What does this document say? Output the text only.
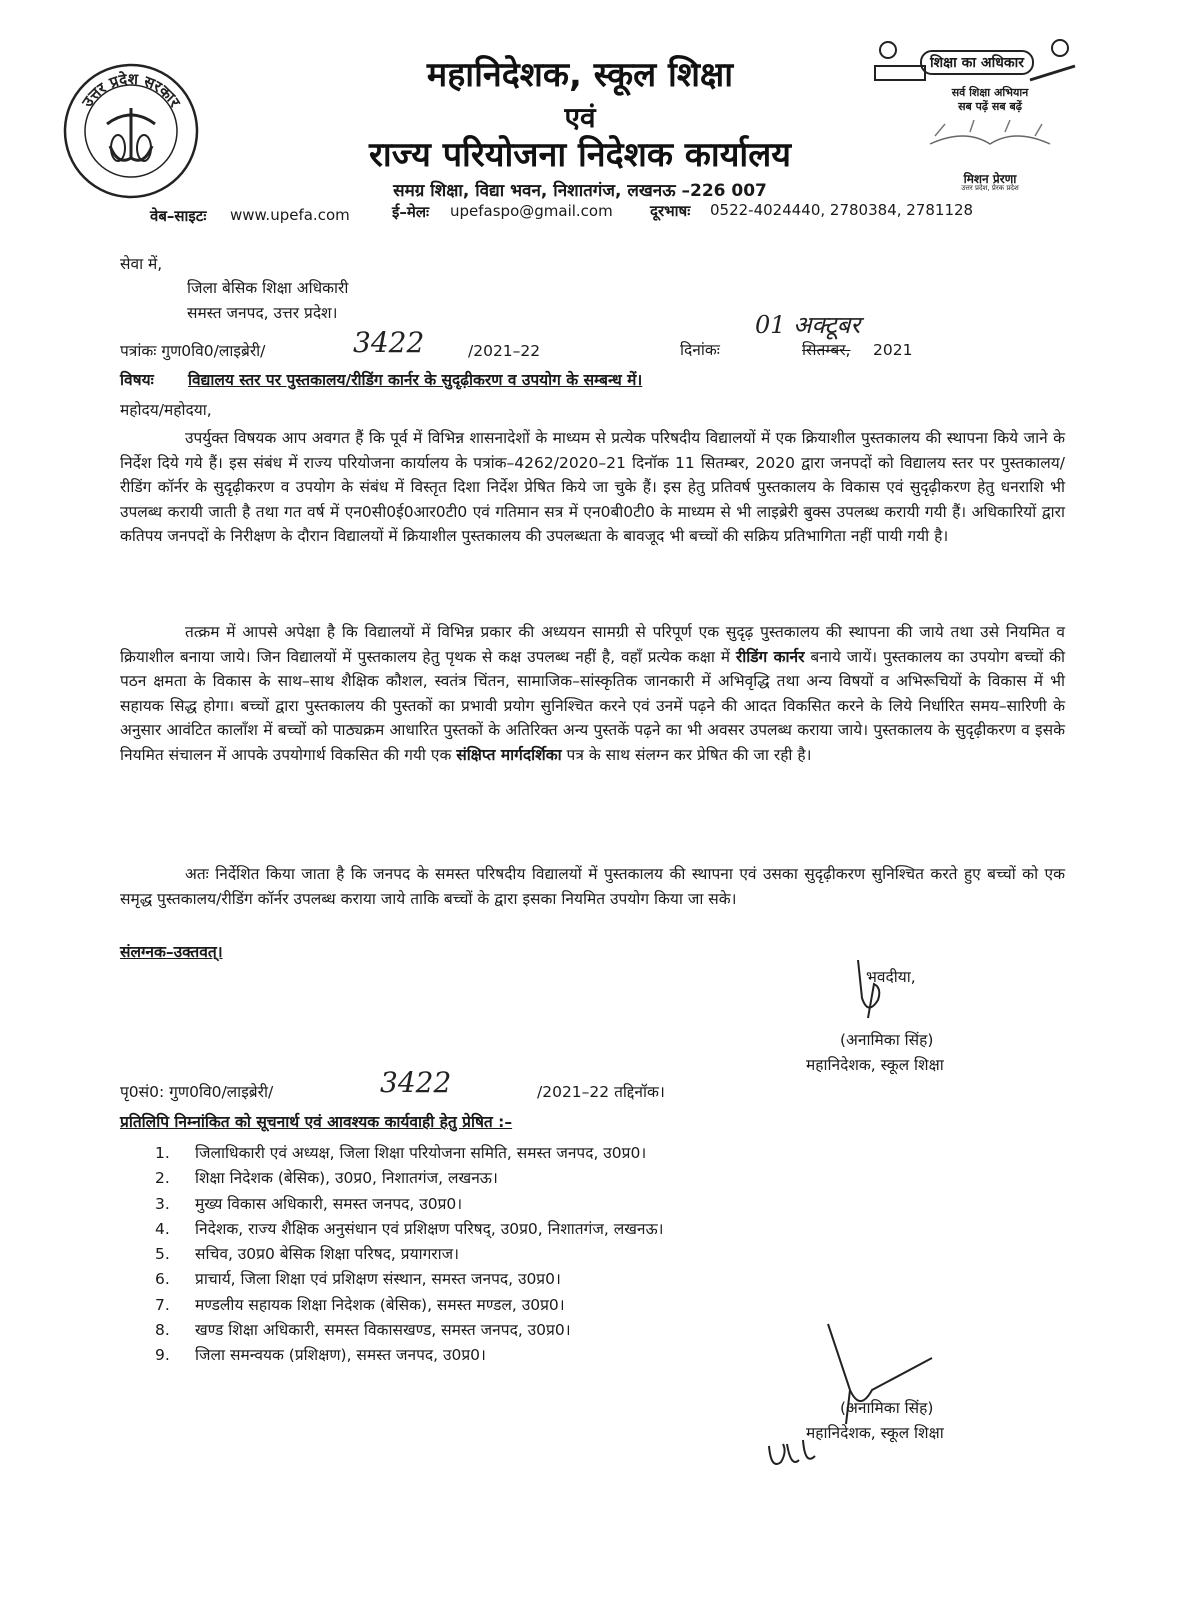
उत्तर प्रदेश सरकार
महानिदेशक, स्कूल शिक्षा
एवं
राज्य परियोजना निदेशक कार्यालय
समग्र शिक्षा, विद्या भवन, निशातगंज, लखनऊ –226 007
वेब–साइटः www.upefa.com	ई–मेलः upefaspo@gmail.com दूरभाषः 0522-4024440, 2780384, 2781128
शिक्षा का अधिकार
सर्व शिक्षा अभियान
सब पढ़ें सब बढ़ें
मिशन प्रेरणा
उत्तर प्रदेश, प्रेरक प्रदेश
सेवा में,
जिला बेसिक शिक्षा अधिकारी
समस्त जनपद, उत्तर प्रदेश।
पत्रांकः गुण0वि0/लाइब्रेरी/	3422	/2021–22	दिनांकः
01 अक्टूबर
सितम्बर, 2021
विषयः विद्यालय स्तर पर पुस्तकालय/रीडिंग कार्नर के सुदृढ़ीकरण व उपयोग के सम्बन्ध में।
महोदय/महोदया,
उपर्युक्त विषयक आप अवगत हैं कि पूर्व में विभिन्न शासनादेशों के माध्यम से प्रत्येक परिषदीय विद्यालयों में एक क्रियाशील पुस्तकालय की स्थापना किये जाने के निर्देश दिये गये हैं। इस संबंध में राज्य परियोजना कार्यालय के पत्रांक–4262/2020–21 दिनॉक 11 सितम्बर, 2020 द्वारा जनपदों को विद्यालय स्तर पर पुस्तकालय/रीडिंग कॉर्नर के सुदृढ़ीकरण व उपयोग के संबंध में विस्तृत दिशा निर्देश प्रेषित किये जा चुके हैं। इस हेतु प्रतिवर्ष पुस्तकालय के विकास एवं सुदृढ़ीकरण हेतु धनराशि भी उपलब्ध करायी जाती है तथा गत वर्ष में एन0सी0ई0आर0टी0 एवं गतिमान सत्र में एन0बी0टी0 के माध्यम से भी लाइब्रेरी बुक्स उपलब्ध करायी गयी हैं। अधिकारियों द्वारा कतिपय जनपदों के निरीक्षण के दौरान विद्यालयों में क्रियाशील पुस्तकालय की उपलब्धता के बावजूद भी बच्चों की सक्रिय प्रतिभागिता नहीं पायी गयी है।
तत्क्रम में आपसे अपेक्षा है कि विद्यालयों में विभिन्न प्रकार की अध्ययन सामग्री से परिपूर्ण एक सुदृढ़ पुस्तकालय की स्थापना की जाये तथा उसे नियमित व क्रियाशील बनाया जाये। जिन विद्यालयों में पुस्तकालय हेतु पृथक से कक्ष उपलब्ध नहीं है, वहाँ प्रत्येक कक्षा में रीडिंग कार्नर बनाये जायें। पुस्तकालय का उपयोग बच्चों की पठन क्षमता के विकास के साथ–साथ शैक्षिक कौशल, स्वतंत्र चिंतन, सामाजिक–सांस्कृतिक जानकारी में अभिवृद्धि तथा अन्य विषयों व अभिरूचियों के विकास में भी सहायक सिद्ध होगा। बच्चों द्वारा पुस्तकालय की पुस्तकों का प्रभावी प्रयोग सुनिश्चित करने एवं उनमें पढ़ने की आदत विकसित करने के लिये निर्धारित समय–सारिणी के अनुसार आवंटित कालाँश में बच्चों को पाठ्यक्रम आधारित पुस्तकों के अतिरिक्त अन्य पुस्तकें पढ़ने का भी अवसर उपलब्ध कराया जाये। पुस्तकालय के सुदृढ़ीकरण व इसके नियमित संचालन में आपके उपयोगार्थ विकसित की गयी एक संक्षिप्त मार्गदर्शिका पत्र के साथ संलग्न कर प्रेषित की जा रही है।
अतः निर्देशित किया जाता है कि जनपद के समस्त परिषदीय विद्यालयों में पुस्तकालय की स्थापना एवं उसका सुदृढ़ीकरण सुनिश्चित करते हुए बच्चों को एक समृद्ध पुस्तकालय/रीडिंग कॉर्नर उपलब्ध कराया जाये ताकि बच्चों के द्वारा इसका नियमित उपयोग किया जा सके।
संलग्नक–उक्तवत्।
भवदीया,
(अनामिका सिंह)
महानिदेशक, स्कूल शिक्षा
पृ0सं0: गुण0वि0/लाइब्रेरी/	3422	/2021–22 तद्दिनॉक।
प्रतिलिपि निम्नांकित को सूचनार्थ एवं आवश्यक कार्यवाही हेतु प्रेषित :–
1.	जिलाधिकारी एवं अध्यक्ष, जिला शिक्षा परियोजना समिति, समस्त जनपद, उ0प्र0।
2.	शिक्षा निदेशक (बेसिक), उ0प्र0, निशातगंज, लखनऊ।
3.	मुख्य विकास अधिकारी, समस्त जनपद, उ0प्र0।
4.	निदेशक, राज्य शैक्षिक अनुसंधान एवं प्रशिक्षण परिषद्, उ0प्र0, निशातगंज, लखनऊ।
5.	सचिव, उ0प्र0 बेसिक शिक्षा परिषद, प्रयागराज।
6.	प्राचार्य, जिला शिक्षा एवं प्रशिक्षण संस्थान, समस्त जनपद, उ0प्र0।
7.	मण्डलीय सहायक शिक्षा निदेशक (बेसिक), समस्त मण्डल, उ0प्र0।
8.	खण्ड शिक्षा अधिकारी, समस्त विकासखण्ड, समस्त जनपद, उ0प्र0।
9.	जिला समन्वयक (प्रशिक्षण), समस्त जनपद, उ0प्र0।
(अनामिका सिंह)
महानिदेशक, स्कूल शिक्षा
